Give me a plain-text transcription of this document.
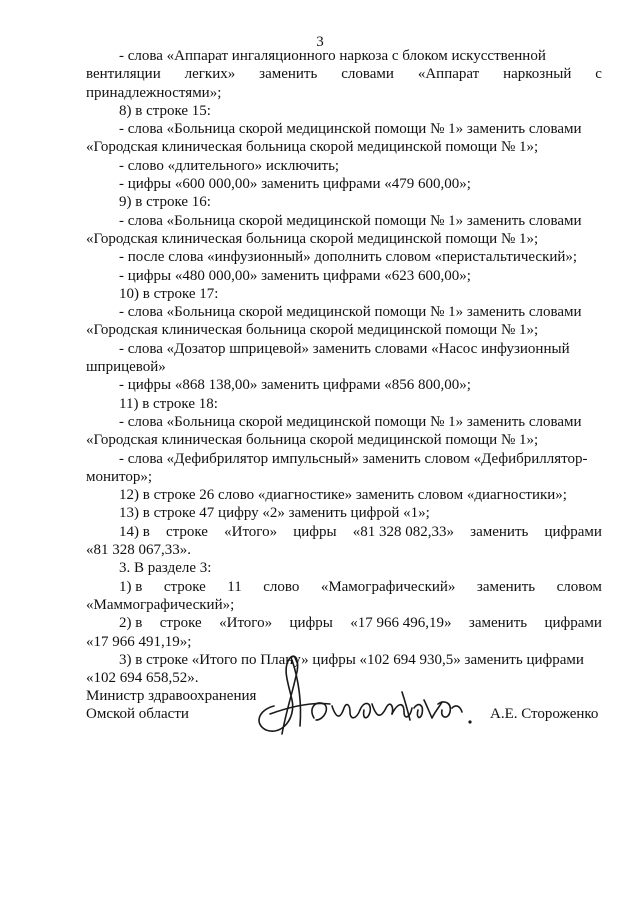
3

- слова «Аппарат ингаляционного наркоза с блоком искусственной

вентиляции легких» заменить словами «Аппарат наркозный с

принадлежностями»;

8) в строке 15:

- слова «Больница скорой медицинской помощи № 1» заменить словами

«Городская клиническая больница скорой медицинской помощи № 1»;

- слово «длительного» исключить;

- цифры «600 000,00» заменить цифрами «479 600,00»;

9) в строке 16:

- слова «Больница скорой медицинской помощи № 1» заменить словами

«Городская клиническая больница скорой медицинской помощи № 1»;

- после слова «инфузионный» дополнить словом «перистальтический»;

- цифры «480 000,00» заменить цифрами «623 600,00»;

10) в строке 17:

- слова «Больница скорой медицинской помощи № 1» заменить словами

«Городская клиническая больница скорой медицинской помощи № 1»;

- слова «Дозатор шприцевой» заменить словами «Насос инфузионный

шприцевой»

- цифры «868 138,00» заменить цифрами «856 800,00»;

11) в строке 18:

- слова «Больница скорой медицинской помощи № 1» заменить словами

«Городская клиническая больница скорой медицинской помощи № 1»;

- слова «Дефибрилятор импульсный» заменить словом «Дефибриллятор-

монитор»;

12) в строке 26 слово «диагностике» заменить словом «диагностики»;

13) в строке 47 цифру «2» заменить цифрой «1»;

14) в строке «Итого» цифры «81 328 082,33» заменить цифрами

«81 328 067,33».

3. В разделе 3:

1) в строке 11 слово «Мамографический» заменить словом

«Маммографический»;

2) в строке «Итого» цифры «17 966 496,19» заменить цифрами

«17 966 491,19»;

3) в строке «Итого по Плану» цифры «102 694 930,5» заменить цифрами

«102 694 658,52».

Министр здравоохранения
Омской области	А.Е. Стороженко
